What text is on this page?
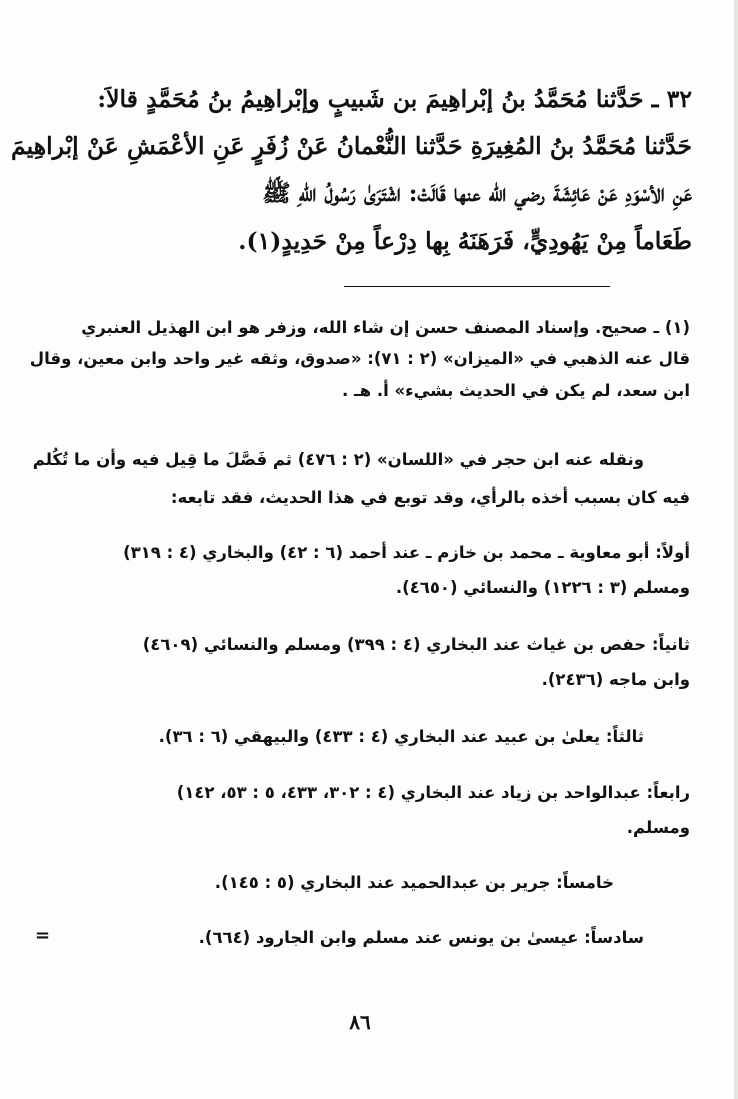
٣٢ ـ حَدَّثنا مُحَمَّدُ بنُ إبْراهِيمَ بن شَبيبٍ وإبْراهِيمُ بنُ مُحَمَّدٍ قالاَ:
حَدَّثنا مُحَمَّدُ بنُ المُغِيرَةِ حَدَّثنا النُّعْمانُ عَنْ زُفَرٍ عَنِ الأعْمَشِ عَنْ إبْراهِيمَ
عَنِ الأسْوَدِ عَنْ عَائِشَةَ رضي الله عنها قَالَتْ: اشْتَرَىٰ رَسُولُ اللهِ ﷺ
طَعَاماً مِنْ يَهُودِيٍّ، فَرَهَنَهُ بِها دِرْعاً مِنْ حَدِيدٍ(١).
(١) ـ صحيح. وإسناد المصنف حسن إن شاء الله، وزفر هو ابن الهذيل العنبري
قال عنه الذهبي في «الميزان» (٢ : ٧١): «صدوق، وثقه غير واحد وابن معين، وقال
ابن سعد، لم يكن في الحديث بشيء» أ. هـ .
ونقله عنه ابن حجر في «اللسان» (٢ : ٤٧٦) ثم فَصَّلَ ما قِيل فيه وأن ما تُكُلم
فيه كان بسبب أخذه بالرأي، وقد توبع في هذا الحديث، فقد تابعه:
أولاً: أبو معاوية ـ محمد بن خازم ـ عند أحمد (٦ : ٤٢) والبخاري (٤ : ٣١٩)
ومسلم (٣ : ١٢٢٦) والنسائي (٤٦٥٠).
ثانياً: حفص بن غياث عند البخاري (٤ : ٣٩٩) ومسلم والنسائي (٤٦٠٩)
وابن ماجه (٢٤٣٦).
ثالثاً: يعلىٰ بن عبيد عند البخاري (٤ : ٤٣٣) والبيهقي (٦ : ٣٦).
رابعاً: عبدالواحد بن زياد عند البخاري (٤ : ٣٠٢، ٤٣٣، ٥ : ٥٣، ١٤٢)
ومسلم.
خامساً: جرير بن عبدالحميد عند البخاري (٥ : ١٤٥).
سادساً: عيسىٰ بن يونس عند مسلم وابن الجارود (٦٦٤).
=
٨٦
